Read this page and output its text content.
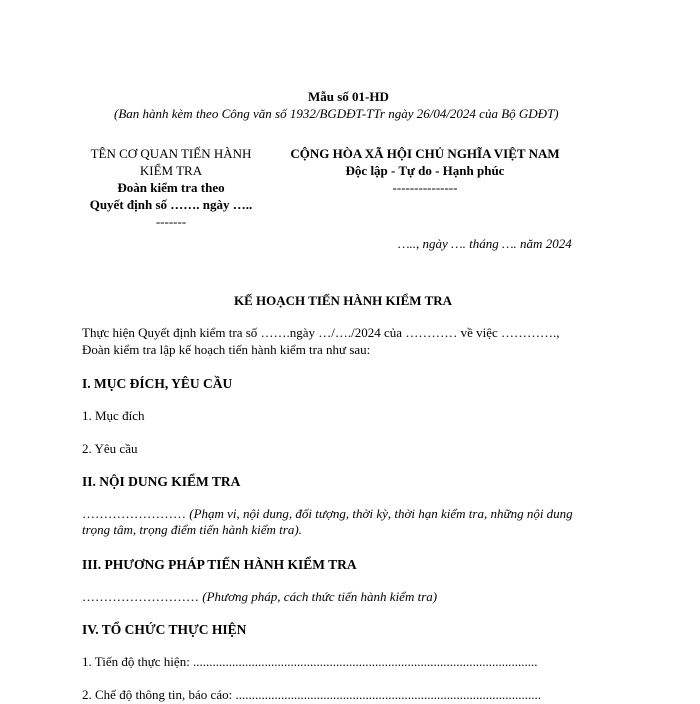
Mẫu số 01-HD
(Ban hành kèm theo Công văn số 1932/BGDĐT-TTr ngày 26/04/2024 của Bộ GDĐT)
TÊN CƠ QUAN TIẾN HÀNH
KIỂM TRA
Đoàn kiểm tra theo
Quyết định số ……. ngày …..
-------
CỘNG HÒA XÃ HỘI CHỦ NGHĨA VIỆT NAM
Độc lập - Tự do - Hạnh phúc
---------------
….., ngày …. tháng …. năm 2024
KẾ HOẠCH TIẾN HÀNH KIỂM TRA
Thực hiện Quyết định kiểm tra số …….ngày …/…./2024 của ………… về việc ………….,
Đoàn kiểm tra lập kế hoạch tiến hành kiểm tra như sau:
I. MỤC ĐÍCH, YÊU CẦU
1. Mục đích
2. Yêu cầu
II. NỘI DUNG KIỂM TRA
…………………… (Phạm vi, nội dung, đối tượng, thời kỳ, thời hạn kiểm tra, những nội dung
trọng tâm, trọng điểm tiến hành kiểm tra).
III. PHƯƠNG PHÁP TIẾN HÀNH KIỂM TRA
……………………… (Phương pháp, cách thức tiến hành kiểm tra)
IV. TỔ CHỨC THỰC HIỆN
1. Tiến độ thực hiện: ..........................................................................................................
2. Chế độ thông tin, báo cáo: ..............................................................................................
